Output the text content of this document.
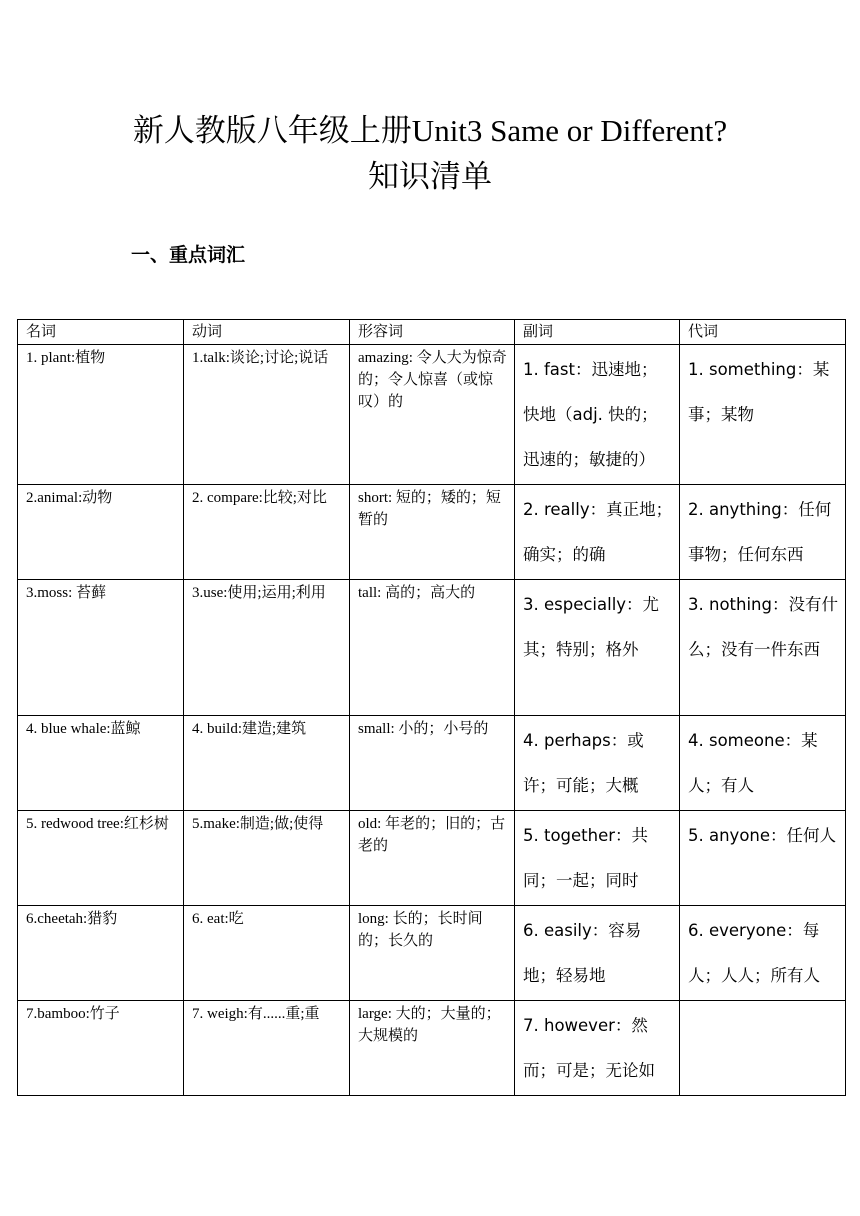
新人教版八年级上册Unit3 Same or Different?
知识清单
一、重点词汇
名词	动词	形容词	副词	代词
1. plant:植物	1.talk:谈论;讨论;说话	amazing: 令人大为惊奇的；令人惊喜（或惊叹）的	1. fast：迅速地；快地（adj. 快的；迅速的；敏捷的）	1. something：某事；某物
2.animal:动物	2. compare:比较;对比	short: 短的；矮的；短暂的	2. really：真正地；确实；的确	2. anything：任何事物；任何东西
3.moss: 苔藓	3.use:使用;运用;利用	tall: 高的；高大的	3. especially：尤其；特别；格外	3. nothing：没有什么；没有一件东西
4. blue whale:蓝鲸	4. build:建造;建筑	small: 小的；小号的	4. perhaps：或许；可能；大概	4. someone：某人；有人
5. redwood tree:红杉树	5.make:制造;做;使得	old: 年老的；旧的；古老的	5. together：共同；一起；同时	5. anyone：任何人
6.cheetah:猎豹	6. eat:吃	long: 长的；长时间的；长久的	6. easily：容易地；轻易地	6. everyone：每人；人人；所有人
7.bamboo:竹子	7. weigh:有......重;重	large: 大的；大量的；大规模的	7. however：然而；可是；无论如	
